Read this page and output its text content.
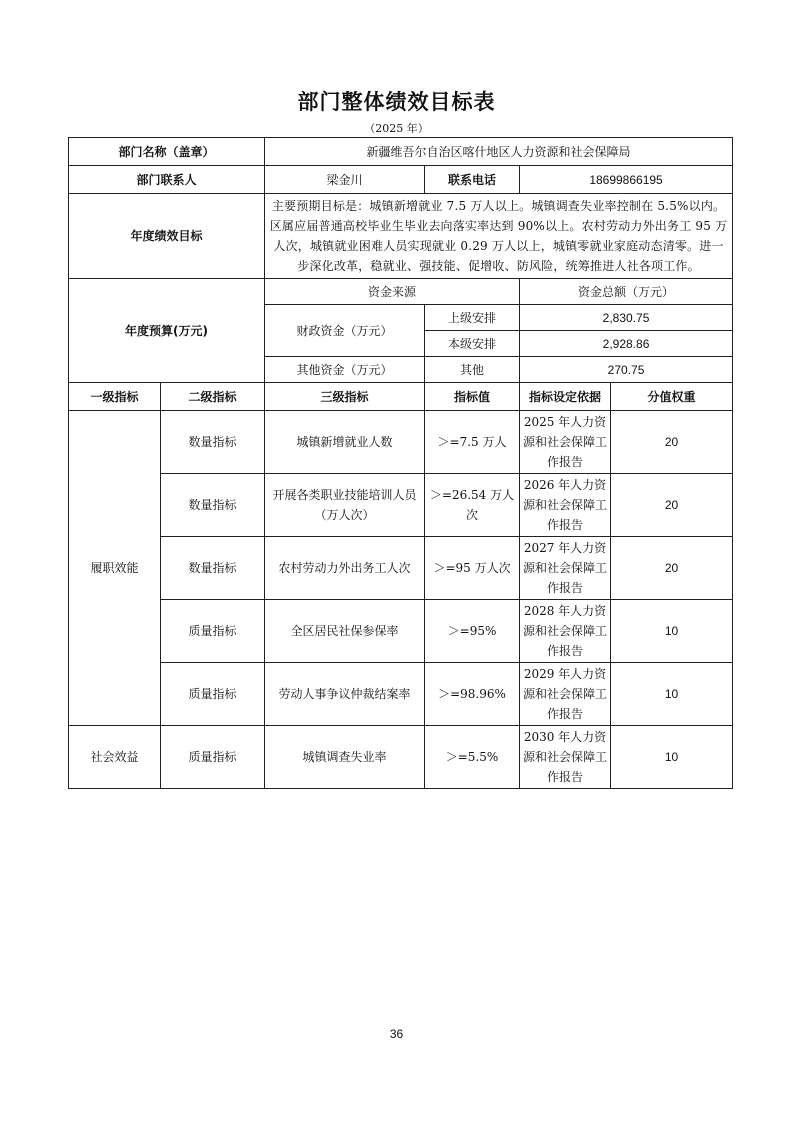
部门整体绩效目标表
（2025 年）
部门名称（盖章）		新疆维吾尔自治区喀什地区人力资源和社会保障局			
部门联系人		梁金川	联系电话	18699866195	
年度绩效目标		主要预期目标是：城镇新增就业 7.5 万人以上。城镇调查失业率控制在 5.5%以内。区属应届普通高校毕业生毕业去向落实率达到 90%以上。农村劳动力外出务工 95 万人次，城镇就业困难人员实现就业 0.29 万人以上，城镇零就业家庭动态清零。进一步深化改革，稳就业、强技能、促增收、防风险，统筹推进人社各项工作。			
年度预算(万元)		资金来源		资金总额（万元）	
		财政资金（万元）	上级安排	2,830.75	
			本级安排	2,928.86	
		其他资金（万元）	其他	270.75	
一级指标	二级指标	三级指标	指标值	指标设定依据	分值权重
履职效能	数量指标	城镇新增就业人数	＞=7.5 万人	2025 年人力资源和社会保障工作报告	20
	数量指标	开展各类职业技能培训人员（万人次）	＞=26.54 万人次	2026 年人力资源和社会保障工作报告	20
	数量指标	农村劳动力外出务工人次	＞=95 万人次	2027 年人力资源和社会保障工作报告	20
	质量指标	全区居民社保参保率	＞=95%	2028 年人力资源和社会保障工作报告	10
	质量指标	劳动人事争议仲裁结案率	＞=98.96%	2029 年人力资源和社会保障工作报告	10
社会效益	质量指标	城镇调查失业率	＞=5.5%	2030 年人力资源和社会保障工作报告	10
36
